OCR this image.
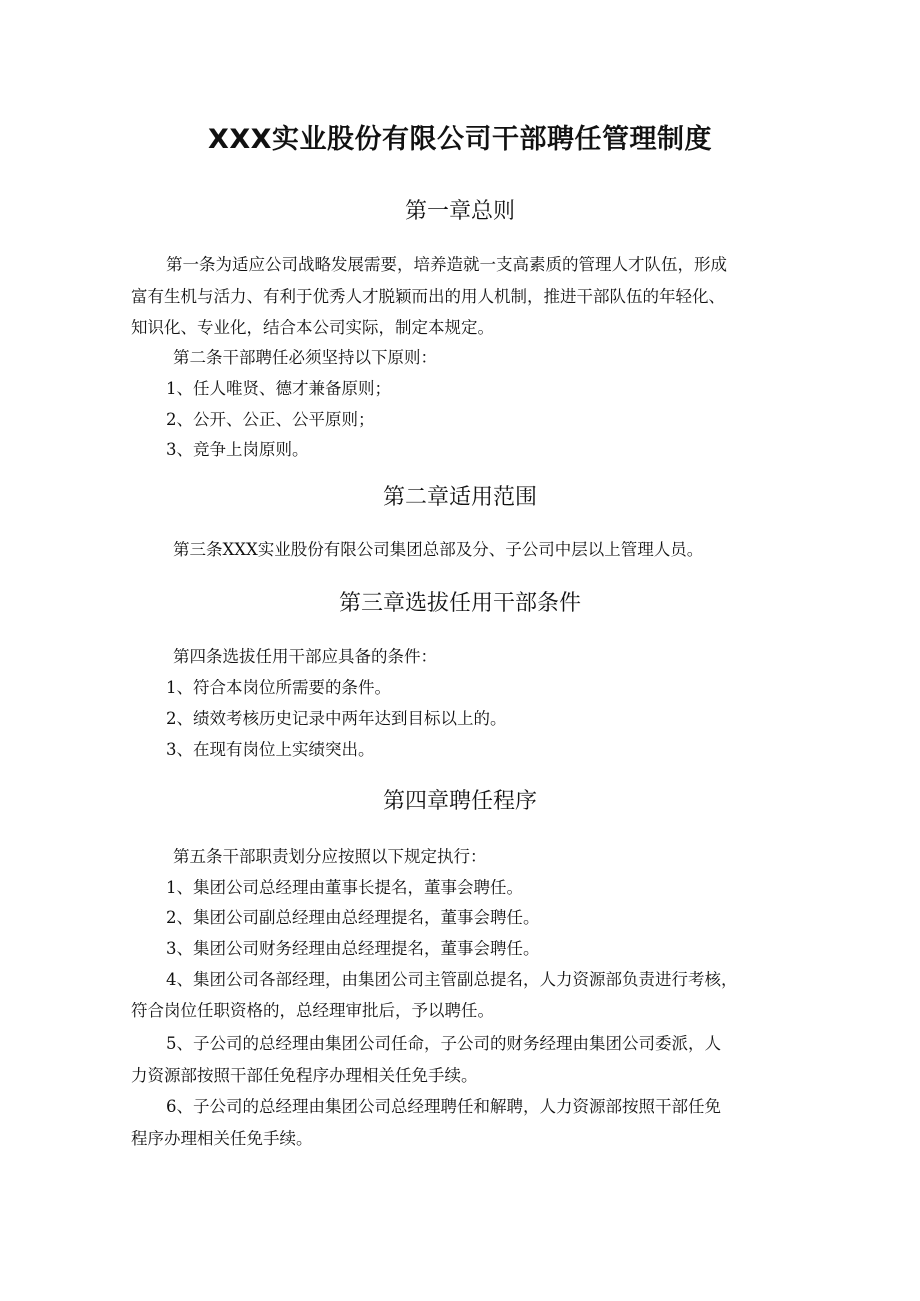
XXX实业股份有限公司干部聘任管理制度
第一章总则

第一条为适应公司战略发展需要，培养造就一支高素质的管理人才队伍，形成

富有生机与活力、有利于优秀人才脱颖而出的用人机制，推进干部队伍的年轻化、

知识化、专业化，结合本公司实际，制定本规定。

第二条干部聘任必须坚持以下原则：

1、任人唯贤、德才兼备原则；

2、公开、公正、公平原则；

3、竞争上岗原则。

第二章适用范围

第三条XXX实业股份有限公司集团总部及分、子公司中层以上管理人员。

第三章选拔任用干部条件

第四条选拔任用干部应具备的条件：

1、符合本岗位所需要的条件。

2、绩效考核历史记录中两年达到目标以上的。

3、在现有岗位上实绩突出。

第四章聘任程序

第五条干部职责划分应按照以下规定执行：

1、集团公司总经理由董事长提名，董事会聘任。

2、集团公司副总经理由总经理提名，董事会聘任。

3、集团公司财务经理由总经理提名，董事会聘任。

4、集团公司各部经理，由集团公司主管副总提名，人力资源部负责进行考核，

符合岗位任职资格的，总经理审批后，予以聘任。

5、子公司的总经理由集团公司任命，子公司的财务经理由集团公司委派，人

力资源部按照干部任免程序办理相关任免手续。

6、子公司的总经理由集团公司总经理聘任和解聘，人力资源部按照干部任免

程序办理相关任免手续。
